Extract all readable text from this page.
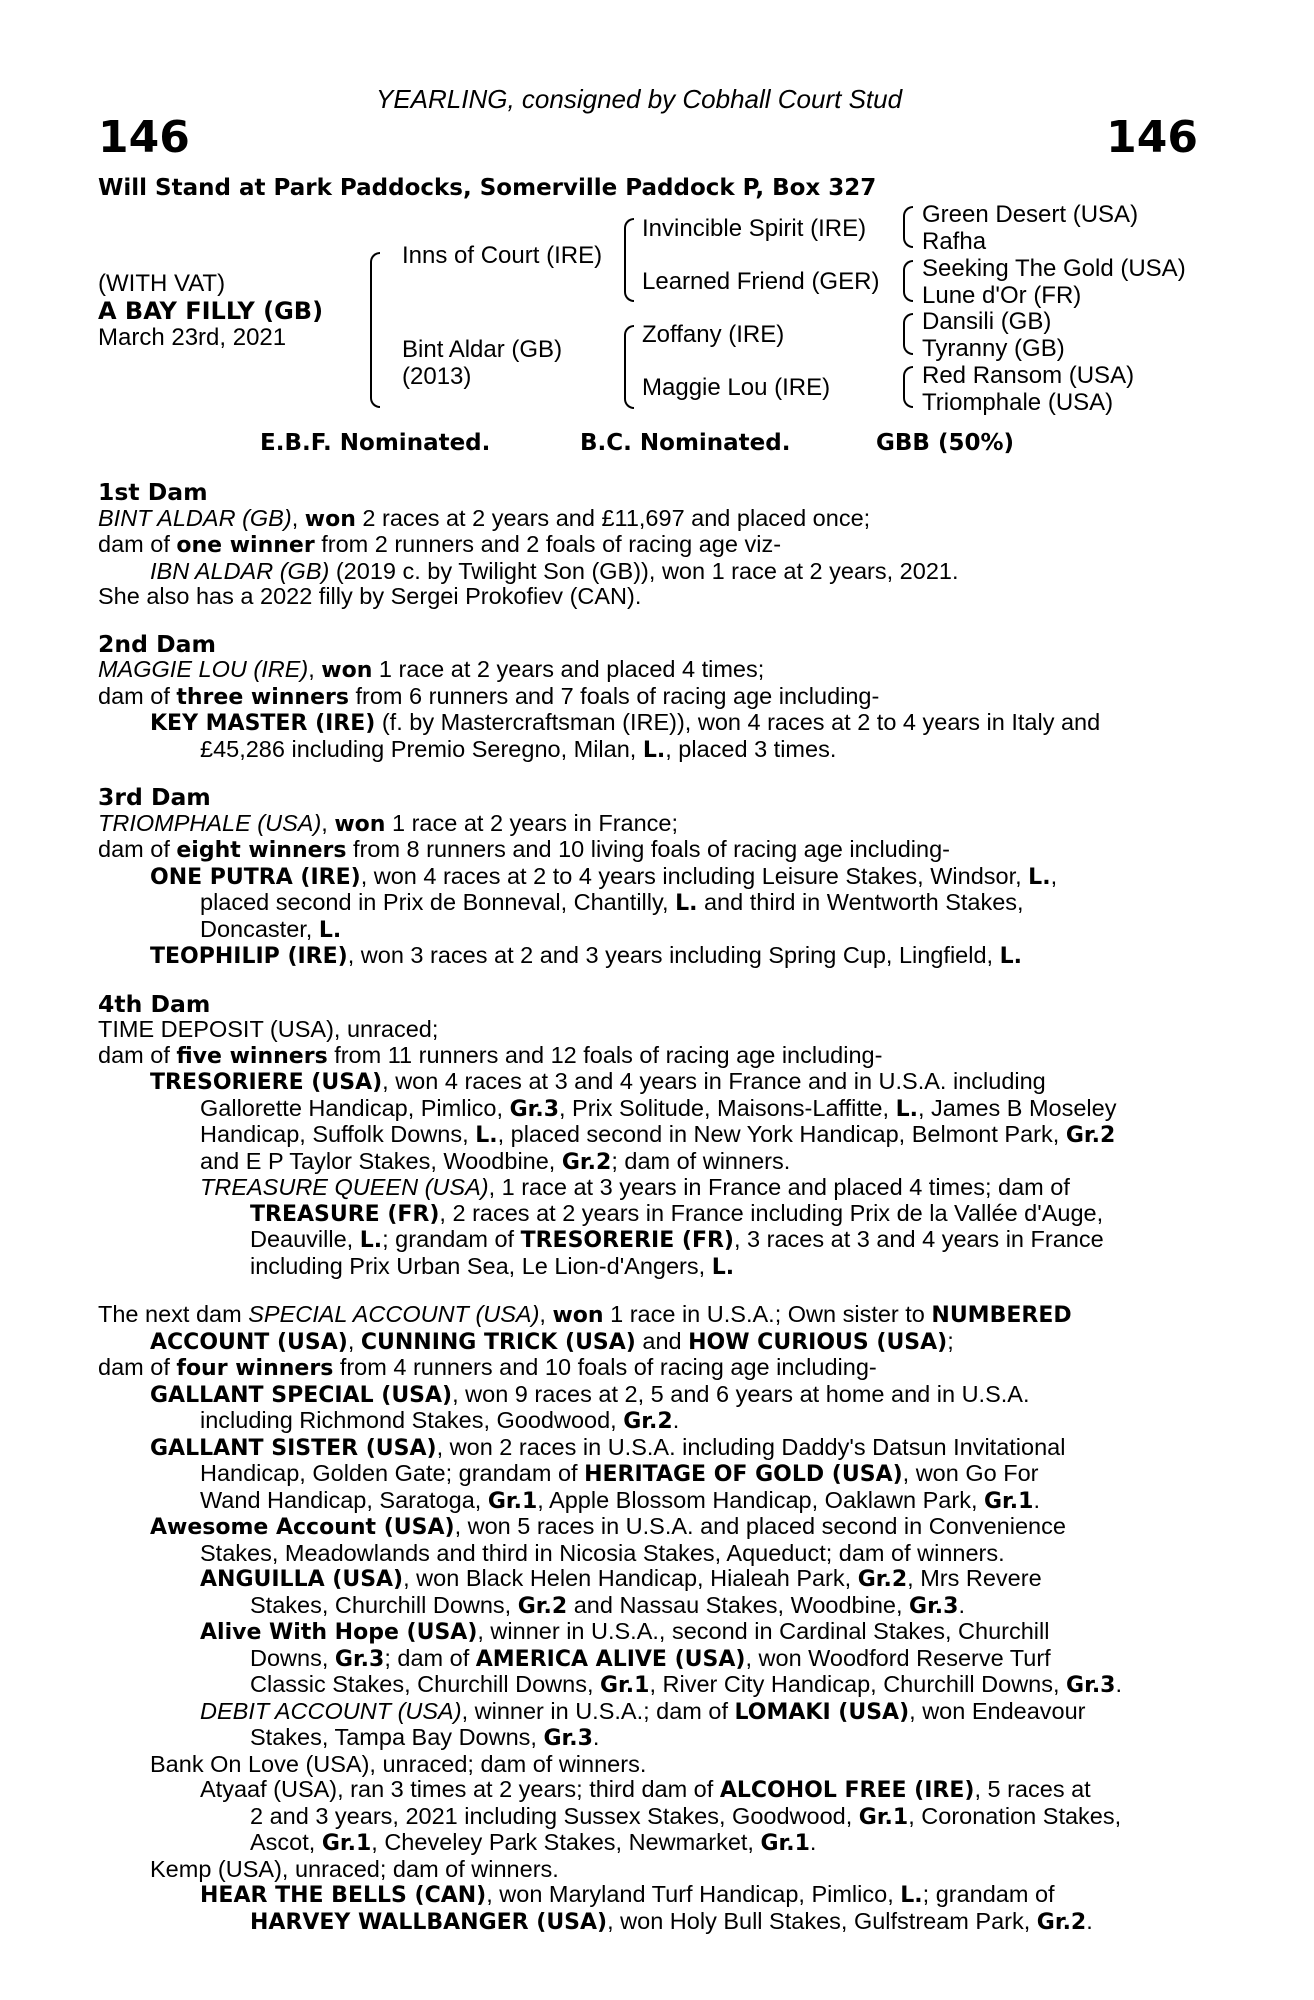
YEARLING, consigned by Cobhall Court Stud
146	146
Will Stand at Park Paddocks, Somerville Paddock P, Box 327
(WITH VAT)
A BAY FILLY (GB)
March 23rd, 2021
Inns of Court (IRE)
Bint Aldar (GB)
(2013)
Invincible Spirit (IRE)
Learned Friend (GER)
Zoffany (IRE)
Maggie Lou (IRE)
Green Desert (USA)
Rafha
Seeking The Gold (USA)
Lune d'Or (FR)
Dansili (GB)
Tyranny (GB)
Red Ransom (USA)
Triomphale (USA)
E.B.F. Nominated.	B.C. Nominated.	GBB (50%)
1st Dam
BINT ALDAR (GB), won 2 races at 2 years and £11,697 and placed once;
dam of one winner from 2 runners and 2 foals of racing age viz-
IBN ALDAR (GB) (2019 c. by Twilight Son (GB)), won 1 race at 2 years, 2021.
She also has a 2022 filly by Sergei Prokofiev (CAN).
2nd Dam
MAGGIE LOU (IRE), won 1 race at 2 years and placed 4 times;
dam of three winners from 6 runners and 7 foals of racing age including-
KEY MASTER (IRE) (f. by Mastercraftsman (IRE)), won 4 races at 2 to 4 years in Italy and
£45,286 including Premio Seregno, Milan, L., placed 3 times.
3rd Dam
TRIOMPHALE (USA), won 1 race at 2 years in France;
dam of eight winners from 8 runners and 10 living foals of racing age including-
ONE PUTRA (IRE), won 4 races at 2 to 4 years including Leisure Stakes, Windsor, L.,
placed second in Prix de Bonneval, Chantilly, L. and third in Wentworth Stakes,
Doncaster, L.
TEOPHILIP (IRE), won 3 races at 2 and 3 years including Spring Cup, Lingfield, L.
4th Dam
TIME DEPOSIT (USA), unraced;
dam of five winners from 11 runners and 12 foals of racing age including-
TRESORIERE (USA), won 4 races at 3 and 4 years in France and in U.S.A. including
Gallorette Handicap, Pimlico, Gr.3, Prix Solitude, Maisons-Laffitte, L., James B Moseley
Handicap, Suffolk Downs, L., placed second in New York Handicap, Belmont Park, Gr.2
and E P Taylor Stakes, Woodbine, Gr.2; dam of winners.
TREASURE QUEEN (USA), 1 race at 3 years in France and placed 4 times; dam of
TREASURE (FR), 2 races at 2 years in France including Prix de la Vallée d'Auge,
Deauville, L.; grandam of TRESORERIE (FR), 3 races at 3 and 4 years in France
including Prix Urban Sea, Le Lion-d'Angers, L.
The next dam SPECIAL ACCOUNT (USA), won 1 race in U.S.A.; Own sister to NUMBERED
ACCOUNT (USA), CUNNING TRICK (USA) and HOW CURIOUS (USA);
dam of four winners from 4 runners and 10 foals of racing age including-
GALLANT SPECIAL (USA), won 9 races at 2, 5 and 6 years at home and in U.S.A.
including Richmond Stakes, Goodwood, Gr.2.
GALLANT SISTER (USA), won 2 races in U.S.A. including Daddy's Datsun Invitational
Handicap, Golden Gate; grandam of HERITAGE OF GOLD (USA), won Go For
Wand Handicap, Saratoga, Gr.1, Apple Blossom Handicap, Oaklawn Park, Gr.1.
Awesome Account (USA), won 5 races in U.S.A. and placed second in Convenience
Stakes, Meadowlands and third in Nicosia Stakes, Aqueduct; dam of winners.
ANGUILLA (USA), won Black Helen Handicap, Hialeah Park, Gr.2, Mrs Revere
Stakes, Churchill Downs, Gr.2 and Nassau Stakes, Woodbine, Gr.3.
Alive With Hope (USA), winner in U.S.A., second in Cardinal Stakes, Churchill
Downs, Gr.3; dam of AMERICA ALIVE (USA), won Woodford Reserve Turf
Classic Stakes, Churchill Downs, Gr.1, River City Handicap, Churchill Downs, Gr.3.
DEBIT ACCOUNT (USA), winner in U.S.A.; dam of LOMAKI (USA), won Endeavour
Stakes, Tampa Bay Downs, Gr.3.
Bank On Love (USA), unraced; dam of winners.
Atyaaf (USA), ran 3 times at 2 years; third dam of ALCOHOL FREE (IRE), 5 races at
2 and 3 years, 2021 including Sussex Stakes, Goodwood, Gr.1, Coronation Stakes,
Ascot, Gr.1, Cheveley Park Stakes, Newmarket, Gr.1.
Kemp (USA), unraced; dam of winners.
HEAR THE BELLS (CAN), won Maryland Turf Handicap, Pimlico, L.; grandam of
HARVEY WALLBANGER (USA), won Holy Bull Stakes, Gulfstream Park, Gr.2.
